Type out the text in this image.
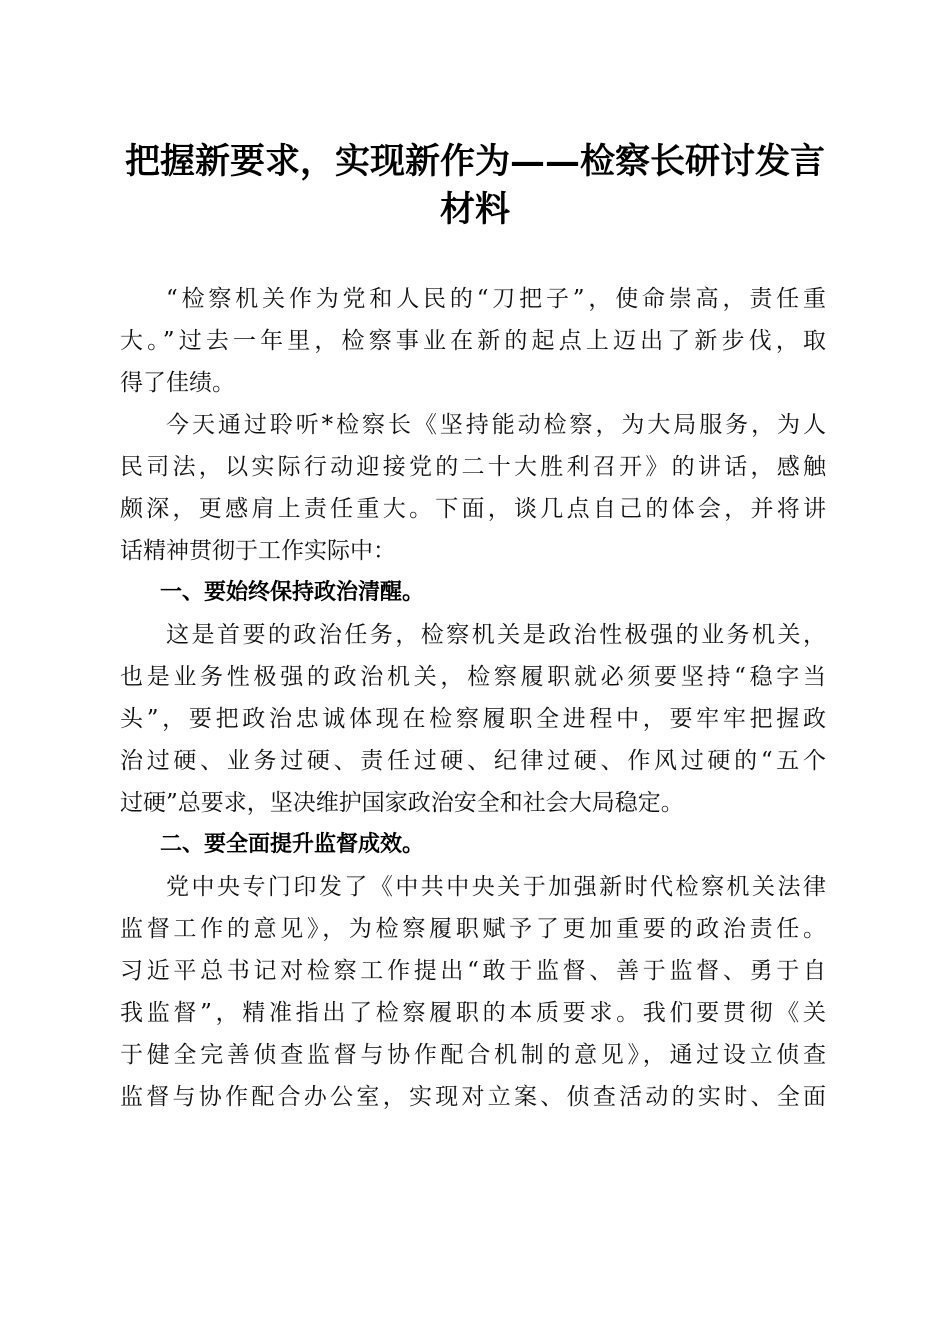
把握新要求，实现新作为——检察长研讨发言
材料

“检察机关作为党和人民的“刀把子”，使命崇高，责任重
大。”过去一年里，检察事业在新的起点上迈出了新步伐，取
得了佳绩。

今天通过聆听*检察长《坚持能动检察，为大局服务，为人
民司法，以实际行动迎接党的二十大胜利召开》的讲话，感触
颇深，更感肩上责任重大。下面，谈几点自己的体会，并将讲
话精神贯彻于工作实际中：

一、要始终保持政治清醒。

这是首要的政治任务，检察机关是政治性极强的业务机关，
也是业务性极强的政治机关，检察履职就必须要坚持“稳字当
头”，要把政治忠诚体现在检察履职全进程中，要牢牢把握政
治过硬、业务过硬、责任过硬、纪律过硬、作风过硬的“五个
过硬”总要求，坚决维护国家政治安全和社会大局稳定。

二、要全面提升监督成效。

党中央专门印发了《中共中央关于加强新时代检察机关法律
监督工作的意见》，为检察履职赋予了更加重要的政治责任。
习近平总书记对检察工作提出“敢于监督、善于监督、勇于自
我监督”，精准指出了检察履职的本质要求。我们要贯彻《关
于健全完善侦查监督与协作配合机制的意见》，通过设立侦查
监督与协作配合办公室，实现对立案、侦查活动的实时、全面
